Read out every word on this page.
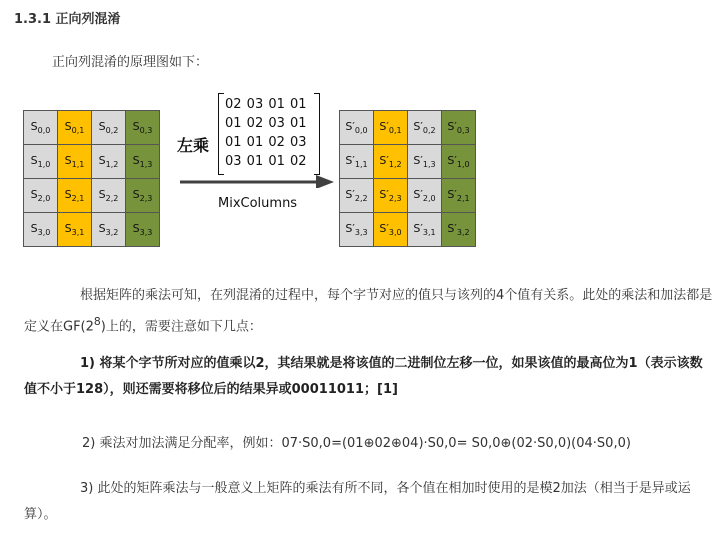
1.3.1 正向列混淆
正向列混淆的原理图如下：
$S_{0,0}$	$S_{0,1}$	$S_{0,2}$	$S_{0,3}$
$S_{1,0}$	$S_{1,1}$	$S_{1,2}$	$S_{1,3}$
$S_{2,0}$	$S_{2,1}$	$S_{2,2}$	$S_{2,3}$
$S_{3,0}$	$S_{3,1}$	$S_{3,2}$	$S_{3,3}$
02 03 01 01
01 02 03 01
01 01 02 03
03 01 01 02
左乘
MixColumns
$S'_{0,0}$	$S'_{0,1}$	$S'_{0,2}$	$S'_{0,3}$
$S'_{1,1}$	$S'_{1,2}$	$S'_{1,3}$	$S'_{1,0}$
$S'_{2,2}$	$S'_{2,3}$	$S'_{2,0}$	$S'_{2,1}$
$S'_{3,3}$	$S'_{3,0}$	$S'_{3,1}$	$S'_{3,2}$
根据矩阵的乘法可知，在列混淆的过程中，每个字节对应的值只与该列的4个值有关系。此处的乘法和加法都是定义在$GF(2^8)$上的，需要注意如下几点：
1) 将某个字节所对应的值乘以2，其结果就是将该值的二进制位左移一位，如果该值的最高位为1（表示该数值不小于128），则还需要将移位后的结果异或00011011；[1]
2) 乘法对加法满足分配率，例如：07·S0,0=(01⊕02⊕04)·S0,0= S0,0⊕(02·S0,0)(04·S0,0)
3) 此处的矩阵乘法与一般意义上矩阵的乘法有所不同，各个值在相加时使用的是模2加法（相当于是异或运算）。
